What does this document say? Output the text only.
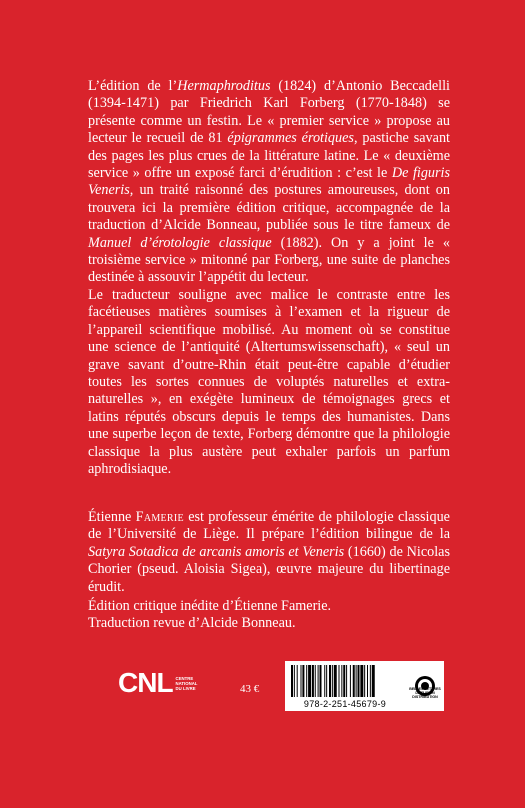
L’édition de l’Hermaphroditus (1824) d’Antonio Beccadelli (1394-1471) par Friedrich Karl Forberg (1770-1848) se présente comme un festin. Le « premier service » propose au lecteur le recueil de 81 épigrammes érotiques, pastiche savant des pages les plus crues de la littérature latine. Le « deuxième service » offre un exposé farci d’érudition : c’est le De figuris Veneris, un traité raisonné des postures amoureuses, dont on trouvera ici la première édition critique, accompagnée de la traduction d’Alcide Bonneau, publiée sous le titre fameux de Manuel d’érotologie classique (1882). On y a joint le « troisième service » mitonné par Forberg, une suite de planches destinée à assouvir l’appétit du lecteur.

Le traducteur souligne avec malice le contraste entre les facétieuses matières soumises à l’examen et la rigueur de l’appareil scientifique mobilisé. Au moment où se constitue une science de l’antiquité (Altertumswissenschaft), « seul un grave savant d’outre-Rhin était peut-être capable d’étudier toutes les sortes connues de voluptés naturelles et extra-naturelles », en exégète lumineux de témoignages grecs et latins réputés obscurs depuis le temps des humanistes. Dans une superbe leçon de texte, Forberg démontre que la philologie classique la plus austère peut exhaler parfois un parfum aphrodisiaque.

Étienne Famerie est professeur émérite de philologie classique de l’Université de Liège. Il prépare l’édition bilingue de la Satyra Sotadica de arcanis amoris et Veneris (1660) de Nicolas Chorier (pseud. Aloisia Sigea), œuvre majeure du libertinage érudit.

Édition critique inédite d’Étienne Famerie.

Traduction revue d’Alcide Bonneau.

CNL CENTRE
NATIONAL
DU LIVRE	43 €
978-2-251-45679-9
BELLES LETTRES
DIFFUSION
DISTRIBUTION
